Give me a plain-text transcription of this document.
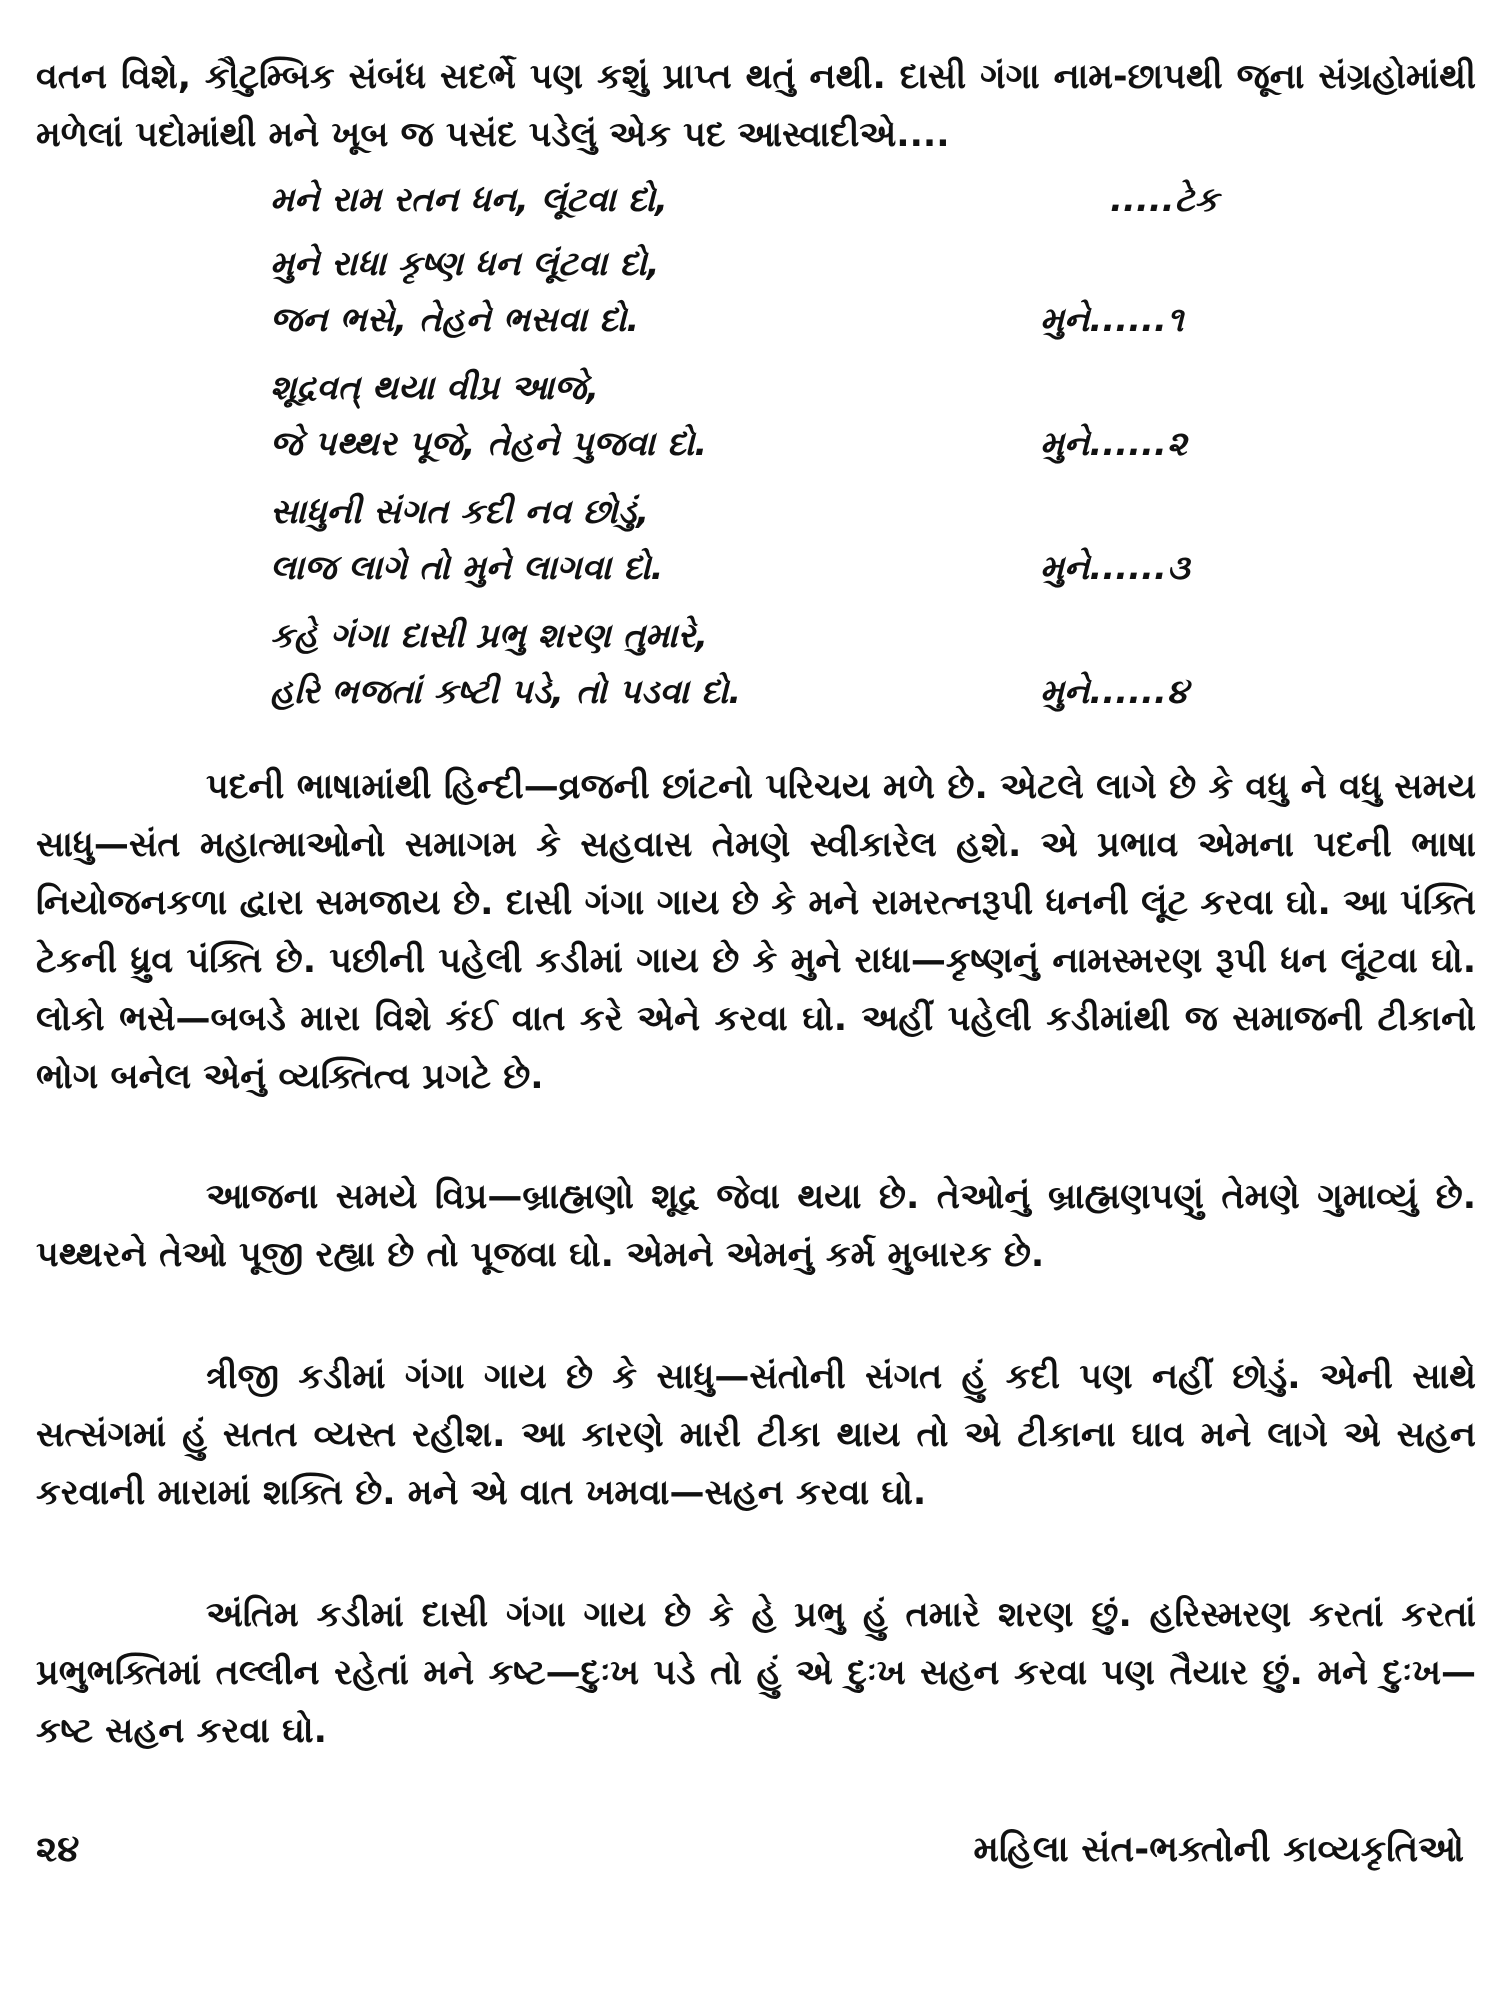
વતન વિશે, કૌટુમ્બિક સંબંધ સદર્ભે પણ કશું પ્રાપ્ત થતું નથી. દાસી ગંગા નામ-છાપથી જૂના સંગ્રહોમાંથી મળેલાં પદોમાંથી મને ખૂબ જ પસંદ પડેલું એક પદ આસ્વાદીએ....

મને રામ રતન ધન, લૂંટવા દો,	.....ટેક
મુને રાધા કૃષ્ણ ધન લૂંટવા દો,
જન ભસે, તેહને ભસવા દો.	મુને......૧
શૂદ્રવત્ થયા વીપ્ર આજે,
જે પથ્થર પૂજે, તેહને પુજવા દો.	મુને......૨
સાધુની સંગત કદી નવ છોડું,
લાજ લાગે તો મુને લાગવા દો.	મુને......૩
કહે ગંગા દાસી પ્રભુ શરણ તુમારે,
હરિ ભજતાં કષ્ટી પડે, તો પડવા દો.	મુને......૪

પદની ભાષામાંથી હિન્દી—વ્રજની છાંટનો પરિચય મળે છે. એટલે લાગે છે કે વધુ ને વધુ સમય સાધુ—સંત મહાત્માઓનો સમાગમ કે સહવાસ તેમણે સ્વીકારેલ હશે. એ પ્રભાવ એમના પદની ભાષા નિયોજનકળા દ્વારા સમજાય છે. દાસી ગંગા ગાય છે કે મને રામરત્નરૂપી ધનની લૂંટ કરવા ઘો. આ પંક્તિ ટેકની ધ્રુવ પંક્તિ છે. પછીની પહેલી કડીમાં ગાય છે કે મુને રાધા—કૃષ્ણનું નામસ્મરણ રૂપી ધન લૂંટવા ઘો. લોકો ભસે—બબડે મારા વિશે કંઈ વાત કરે એને કરવા ઘો. અહીં પહેલી કડીમાંથી જ સમાજની ટીકાનો ભોગ બનેલ એનું વ્યક્તિત્વ પ્રગટે છે.

આજના સમયે વિપ્ર—બ્રાહ્મણો શૂદ્ર જેવા થયા છે. તેઓનું બ્રાહ્મણપણું તેમણે ગુમાવ્યું છે. પથ્થરને તેઓ પૂજી રહ્યા છે તો પૂજવા ઘો. એમને એમનું કર્મ મુબારક છે.

ત્રીજી કડીમાં ગંગા ગાય છે કે સાધુ—સંતોની સંગત હું કદી પણ નહીં છોડું. એની સાથે સત્સંગમાં હું સતત વ્યસ્ત રહીશ. આ કારણે મારી ટીકા થાય તો એ ટીકાના ઘાવ મને લાગે એ સહન કરવાની મારામાં શક્તિ છે. મને એ વાત ખમવા—સહન કરવા ઘો.

અંતિમ કડીમાં દાસી ગંગા ગાય છે કે હે પ્રભુ હું તમારે શરણ છું. હરિસ્મરણ કરતાં કરતાં પ્રભુભક્તિમાં તલ્લીન રહેતાં મને કષ્ટ—દુઃખ પડે તો હું એ દુઃખ સહન કરવા પણ તૈયાર છું. મને દુઃખ—કષ્ટ સહન કરવા ઘો.

૨૪	મહિલા સંત-ભક્તોની કાવ્યકૃતિઓ
